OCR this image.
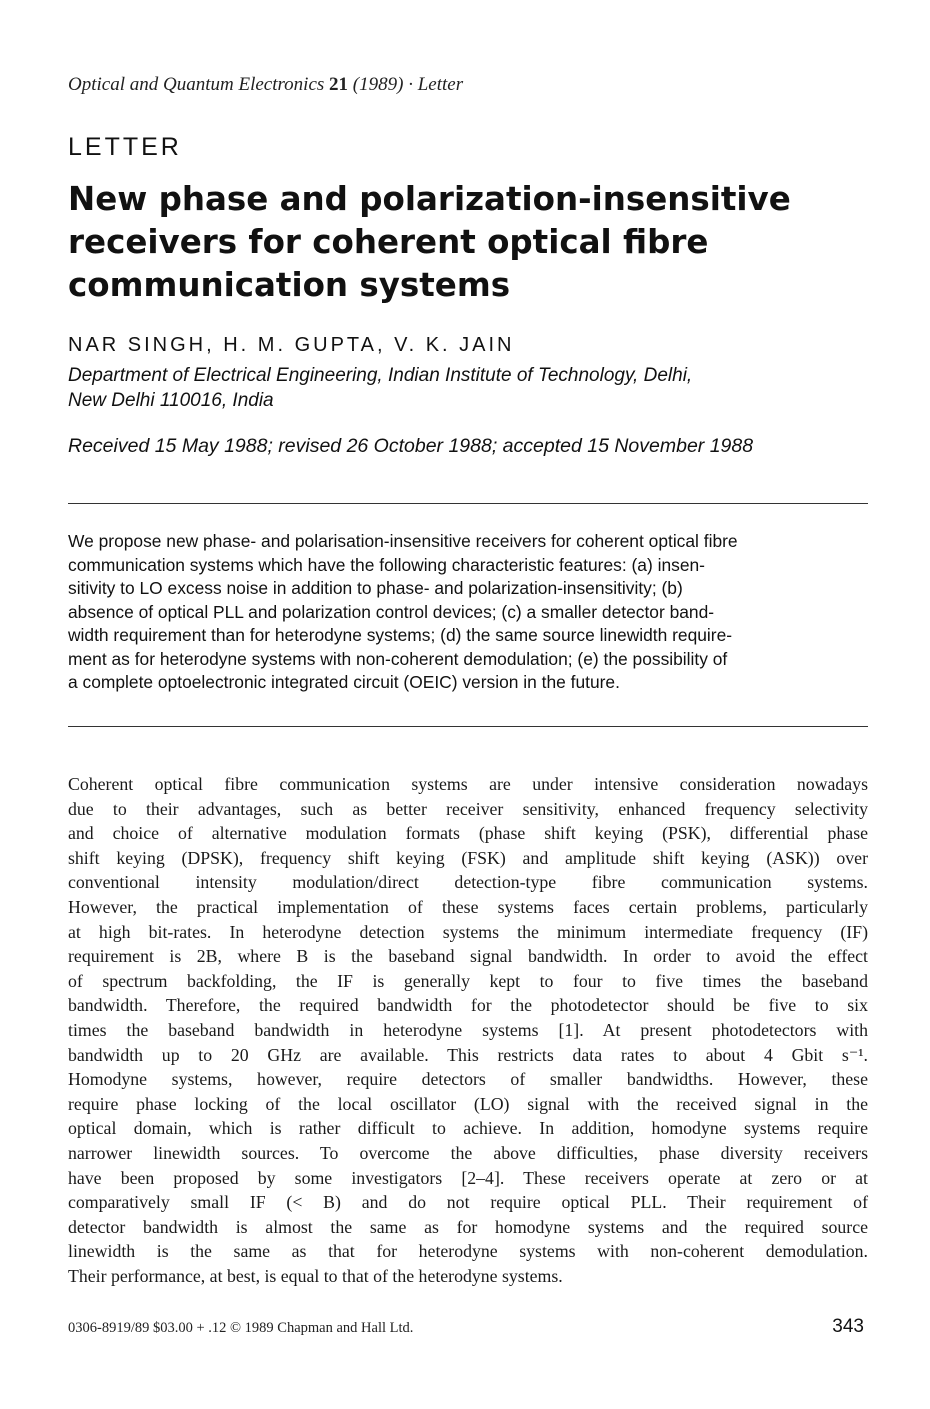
Optical and Quantum Electronics 21 (1989) · Letter
LETTER
New phase and polarization-insensitive
receivers for coherent optical fibre
communication systems
NAR SINGH, H. M. GUPTA, V. K. JAIN
Department of Electrical Engineering, Indian Institute of Technology, Delhi,
New Delhi 110016, India
Received 15 May 1988; revised 26 October 1988; accepted 15 November 1988
We propose new phase- and polarisation-insensitive receivers for coherent optical fibre
communication systems which have the following characteristic features: (a) insen-
sitivity to LO excess noise in addition to phase- and polarization-insensitivity; (b)
absence of optical PLL and polarization control devices; (c) a smaller detector band-
width requirement than for heterodyne systems; (d) the same source linewidth require-
ment as for heterodyne systems with non-coherent demodulation; (e) the possibility of
a complete optoelectronic integrated circuit (OEIC) version in the future.
Coherent optical fibre communication systems are under intensive consideration nowadays
due to their advantages, such as better receiver sensitivity, enhanced frequency selectivity
and choice of alternative modulation formats (phase shift keying (PSK), differential phase
shift keying (DPSK), frequency shift keying (FSK) and amplitude shift keying (ASK)) over
conventional intensity modulation/direct detection-type fibre communication systems.
However, the practical implementation of these systems faces certain problems, particularly
at high bit-rates. In heterodyne detection systems the minimum intermediate frequency (IF)
requirement is 2B, where B is the baseband signal bandwidth. In order to avoid the effect
of spectrum backfolding, the IF is generally kept to four to five times the baseband
bandwidth. Therefore, the required bandwidth for the photodetector should be five to six
times the baseband bandwidth in heterodyne systems [1]. At present photodetectors with
bandwidth up to 20 GHz are available. This restricts data rates to about 4 Gbit s⁻¹.
Homodyne systems, however, require detectors of smaller bandwidths. However, these
require phase locking of the local oscillator (LO) signal with the received signal in the
optical domain, which is rather difficult to achieve. In addition, homodyne systems require
narrower linewidth sources. To overcome the above difficulties, phase diversity receivers
have been proposed by some investigators [2–4]. These receivers operate at zero or at
comparatively small IF (< B) and do not require optical PLL. Their requirement of
detector bandwidth is almost the same as for homodyne systems and the required source
linewidth is the same as that for heterodyne systems with non-coherent demodulation.
Their performance, at best, is equal to that of the heterodyne systems.
0306-8919/89 $03.00 + .12 © 1989 Chapman and Hall Ltd.	343
